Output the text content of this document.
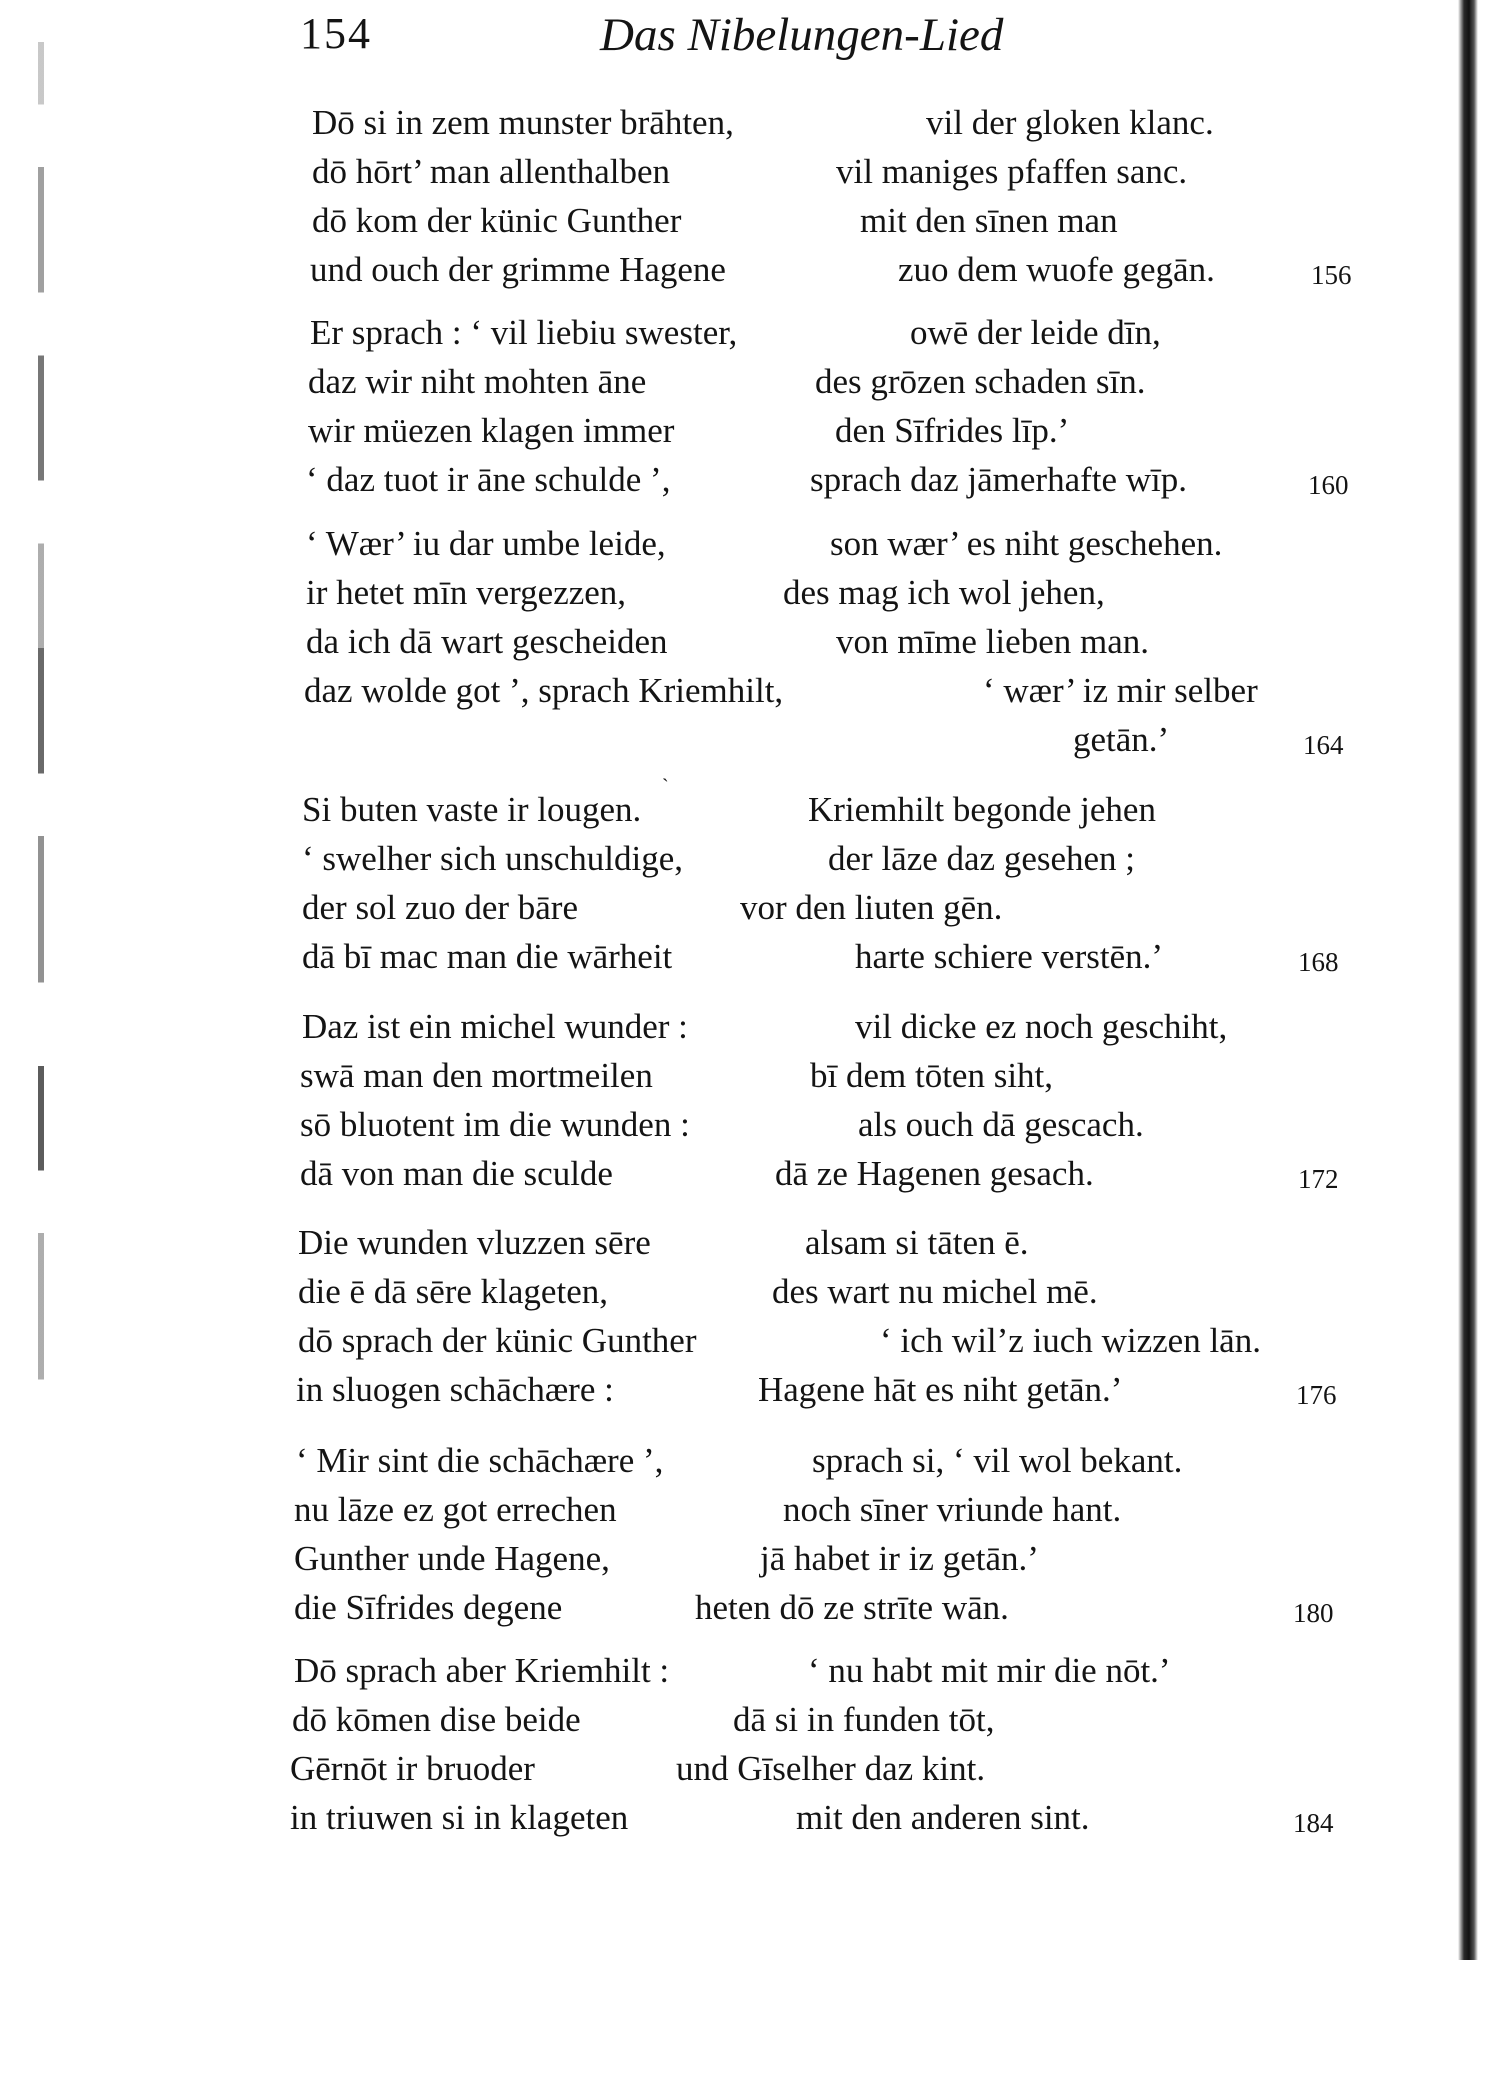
154	Das Nibelungen-Lied
ˎ
Dō si in zem munster brāhten,	vil der gloken klanc.
dō hōrt’ man allenthalben	vil maniges pfaffen sanc.
dō kom der künic Gunther	mit den sīnen man
und ouch der grimme Hagene	zuo dem wuofe gegān.	156
Er sprach : ‘ vil liebiu swester,	owē der leide dīn,
daz wir niht mohten āne	des grōzen schaden sīn.
wir müezen klagen immer	den Sīfrides līp.’
‘ daz tuot ir āne schulde ’,	sprach daz jāmerhafte wīp.	160
‘ Wær’ iu dar umbe leide,	son wær’ es niht geschehen.
ir hetet mīn vergezzen,	des mag ich wol jehen,
da ich dā wart gescheiden	von mīme lieben man.
daz wolde got ’, sprach Kriemhilt,	‘ wær’ iz mir selber
getān.’	164
Si buten vaste ir lougen.	Kriemhilt begonde jehen
‘ swelher sich unschuldige,	der lāze daz gesehen ;
der sol zuo der bāre	vor den liuten gēn.
dā bī mac man die wārheit	harte schiere verstēn.’	168
Daz ist ein michel wunder :	vil dicke ez noch geschiht,
swā man den mortmeilen	bī dem tōten siht,
sō bluotent im die wunden :	als ouch dā gescach.
dā von man die sculde	dā ze Hagenen gesach.	172
Die wunden vluzzen sēre	alsam si tāten ē.
die ē dā sēre klageten,	des wart nu michel mē.
dō sprach der künic Gunther	‘ ich wil’z iuch wizzen lān.
in sluogen schāchære :	Hagene hāt es niht getān.’	176
‘ Mir sint die schāchære ’,	sprach si, ‘ vil wol bekant.
nu lāze ez got errechen	noch sīner vriunde hant.
Gunther unde Hagene,	jā habet ir iz getān.’
die Sīfrides degene	heten dō ze strīte wān.	180
Dō sprach aber Kriemhilt :	‘ nu habt mit mir die nōt.’
dō kōmen dise beide	dā si in funden tōt,
Gērnōt ir bruoder	und Gīselher daz kint.
in triuwen si in klageten	mit den anderen sint.	184
